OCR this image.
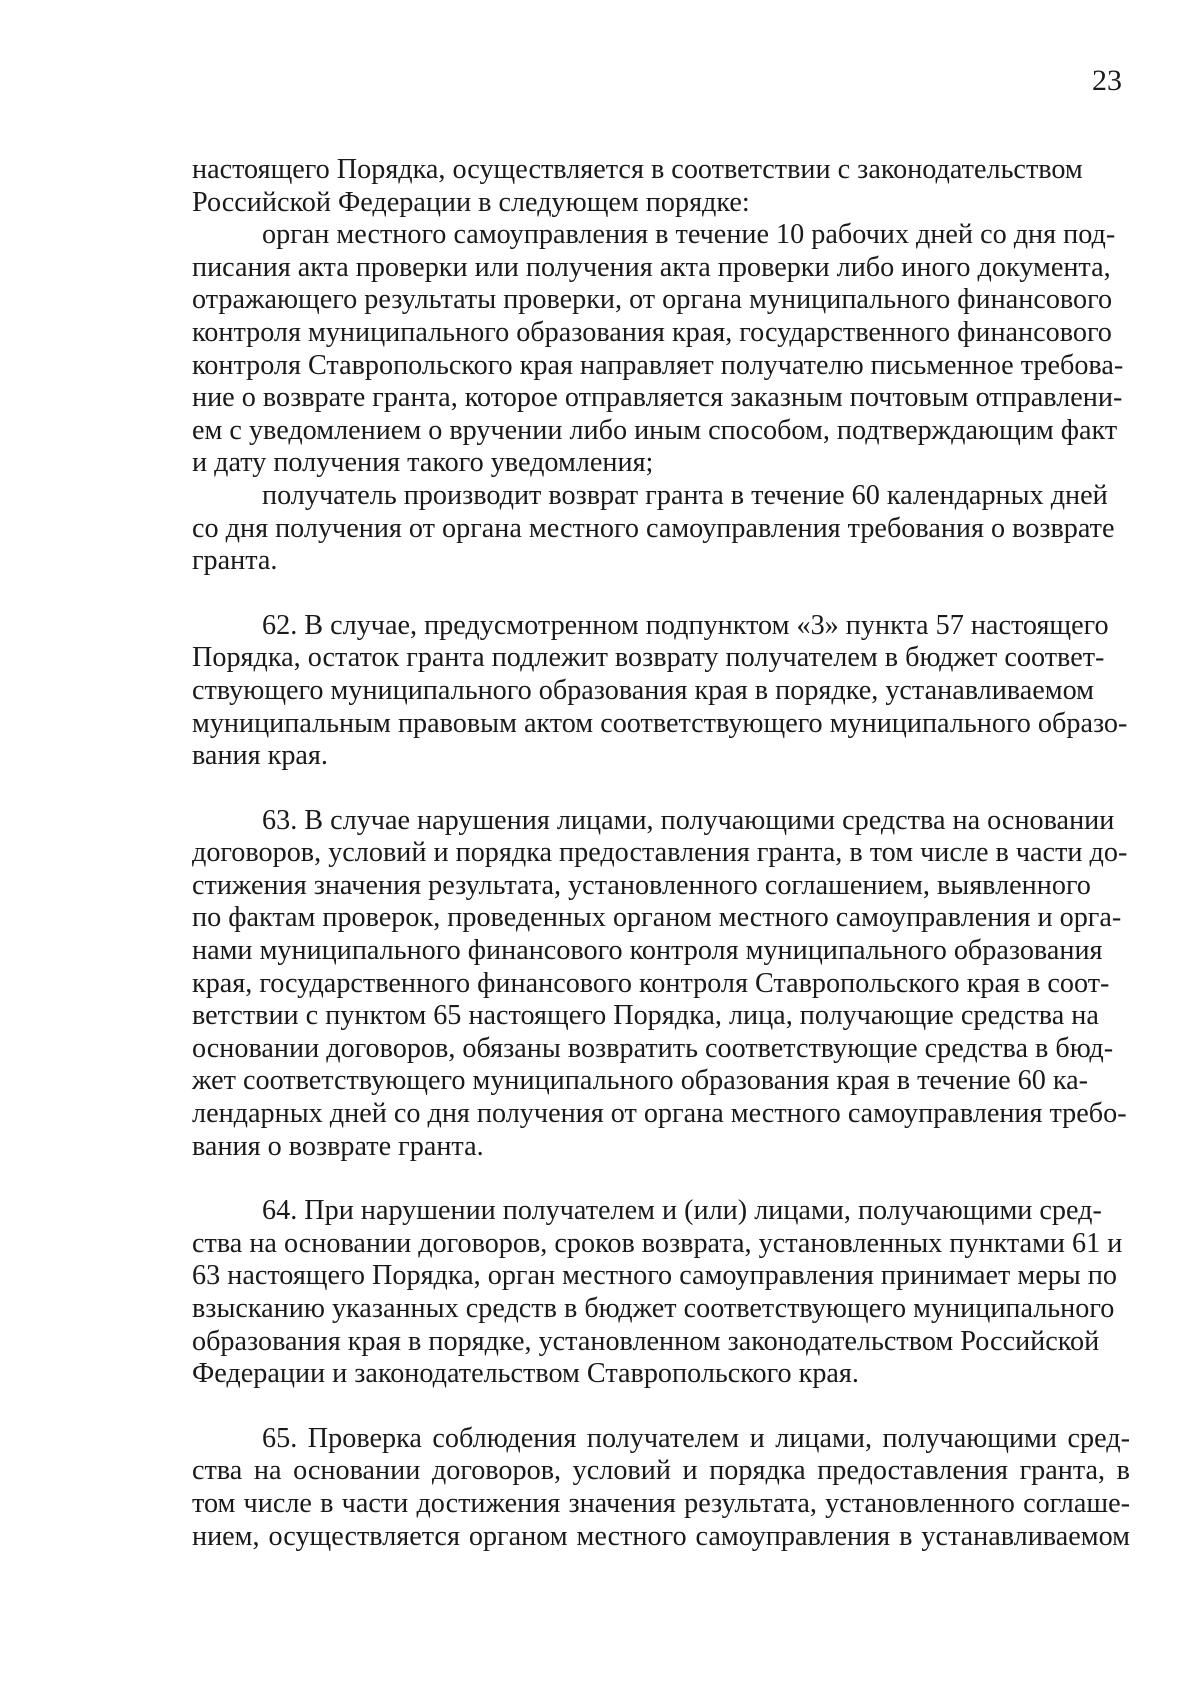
23

настоящего Порядка, осуществляется в соответствии с законодательством
Российской Федерации в следующем порядке:

орган местного самоуправления в течение 10 рабочих дней со дня под-
писания акта проверки или получения акта проверки либо иного документа,
отражающего результаты проверки, от органа муниципального финансового
контроля муниципального образования края, государственного финансового
контроля Ставропольского края направляет получателю письменное требова-
ние о возврате гранта, которое отправляется заказным почтовым отправлени-
ем с уведомлением о вручении либо иным способом, подтверждающим факт
и дату получения такого уведомления;

получатель производит возврат гранта в течение 60 календарных дней
со дня получения от органа местного самоуправления требования о возврате
гранта.

62. В случае, предусмотренном подпунктом «3» пункта 57 настоящего
Порядка, остаток гранта подлежит возврату получателем в бюджет соответ-
ствующего муниципального образования края в порядке, устанавливаемом
муниципальным правовым актом соответствующего муниципального образо-
вания края.

63. В случае нарушения лицами, получающими средства на основании
договоров, условий и порядка предоставления гранта, в том числе в части до-
стижения значения результата, установленного соглашением, выявленного
по фактам проверок, проведенных органом местного самоуправления и орга-
нами муниципального финансового контроля муниципального образования
края, государственного финансового контроля Ставропольского края в соот-
ветствии с пунктом 65 настоящего Порядка, лица, получающие средства на
основании договоров, обязаны возвратить соответствующие средства в бюд-
жет соответствующего муниципального образования края в течение 60 ка-
лендарных дней со дня получения от органа местного самоуправления требо-
вания о возврате гранта.

64. При нарушении получателем и (или) лицами, получающими сред-
ства на основании договоров, сроков возврата, установленных пунктами 61 и
63 настоящего Порядка, орган местного самоуправления принимает меры по
взысканию указанных средств в бюджет соответствующего муниципального
образования края в порядке, установленном законодательством Российской
Федерации и законодательством Ставропольского края.

65. Проверка соблюдения получателем и лицами, получающими сред-
ства на основании договоров, условий и порядка предоставления гранта, в
том числе в части достижения значения результата, установленного соглаше-
нием, осуществляется органом местного самоуправления в устанавливаемом
